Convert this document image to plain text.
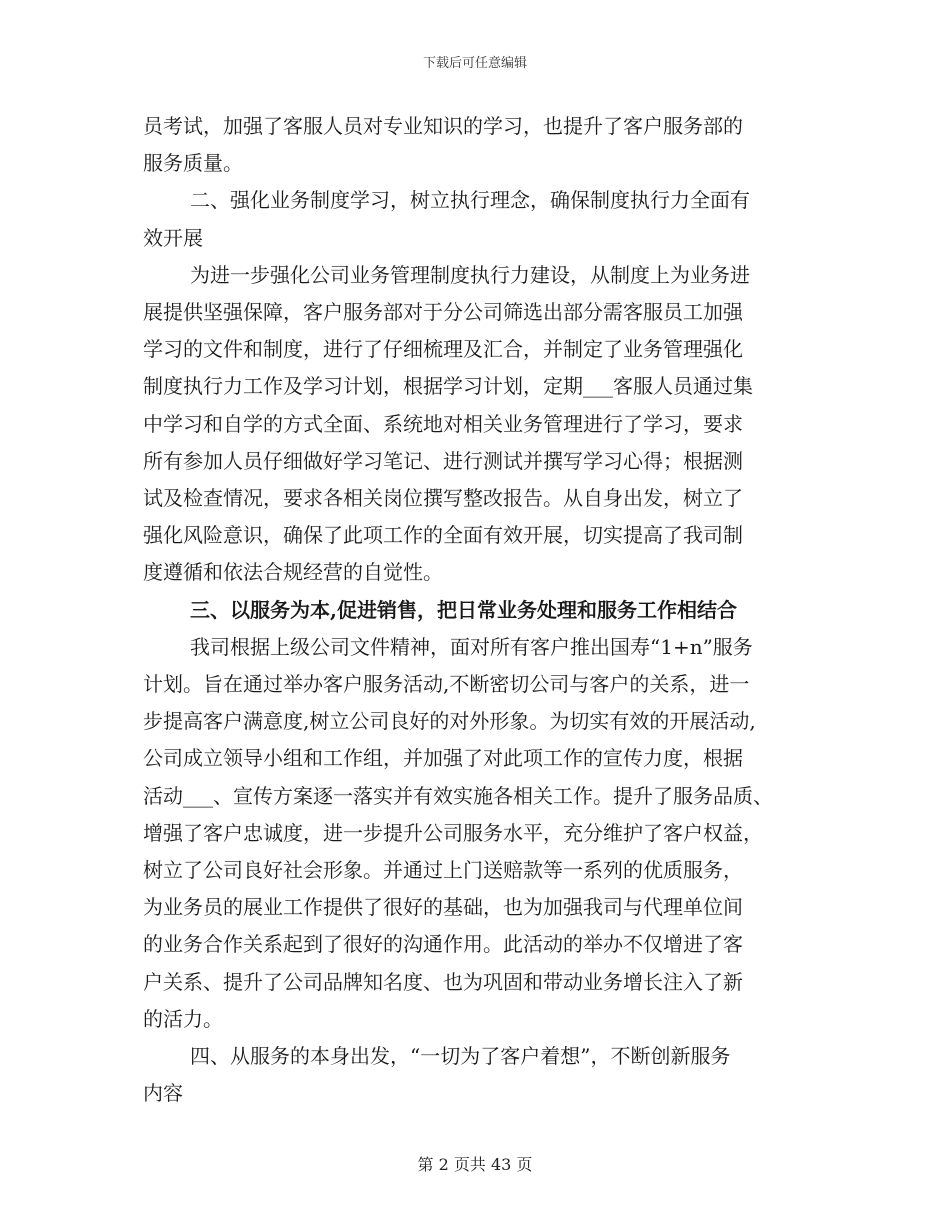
下载后可任意编辑
员考试，加强了客服人员对专业知识的学习，也提升了客户服务部的
服务质量。
二、强化业务制度学习，树立执行理念，确保制度执行力全面有
效开展
为进一步强化公司业务管理制度执行力建设，从制度上为业务进
展提供坚强保障，客户服务部对于分公司筛选出部分需客服员工加强
学习的文件和制度，进行了仔细梳理及汇合，并制定了业务管理强化
制度执行力工作及学习计划，根据学习计划，定期___客服人员通过集
中学习和自学的方式全面、系统地对相关业务管理进行了学习，要求
所有参加人员仔细做好学习笔记、进行测试并撰写学习心得；根据测
试及检查情况，要求各相关岗位撰写整改报告。从自身出发，树立了
强化风险意识，确保了此项工作的全面有效开展，切实提高了我司制
度遵循和依法合规经营的自觉性。
三、以服务为本,促进销售，把日常业务处理和服务工作相结合
我司根据上级公司文件精神，面对所有客户推出国寿“1+n”服务
计划。旨在通过举办客户服务活动,不断密切公司与客户的关系，进一
步提高客户满意度,树立公司良好的对外形象。为切实有效的开展活动,
公司成立领导小组和工作组，并加强了对此项工作的宣传力度，根据
活动___、宣传方案逐一落实并有效实施各相关工作。提升了服务品质、
增强了客户忠诚度，进一步提升公司服务水平，充分维护了客户权益，
树立了公司良好社会形象。并通过上门送赔款等一系列的优质服务，
为业务员的展业工作提供了很好的基础，也为加强我司与代理单位间
的业务合作关系起到了很好的沟通作用。此活动的举办不仅增进了客
户关系、提升了公司品牌知名度、也为巩固和带动业务增长注入了新
的活力。
四、从服务的本身出发，“一切为了客户着想”，不断创新服务
内容
第 2 页共 43 页
